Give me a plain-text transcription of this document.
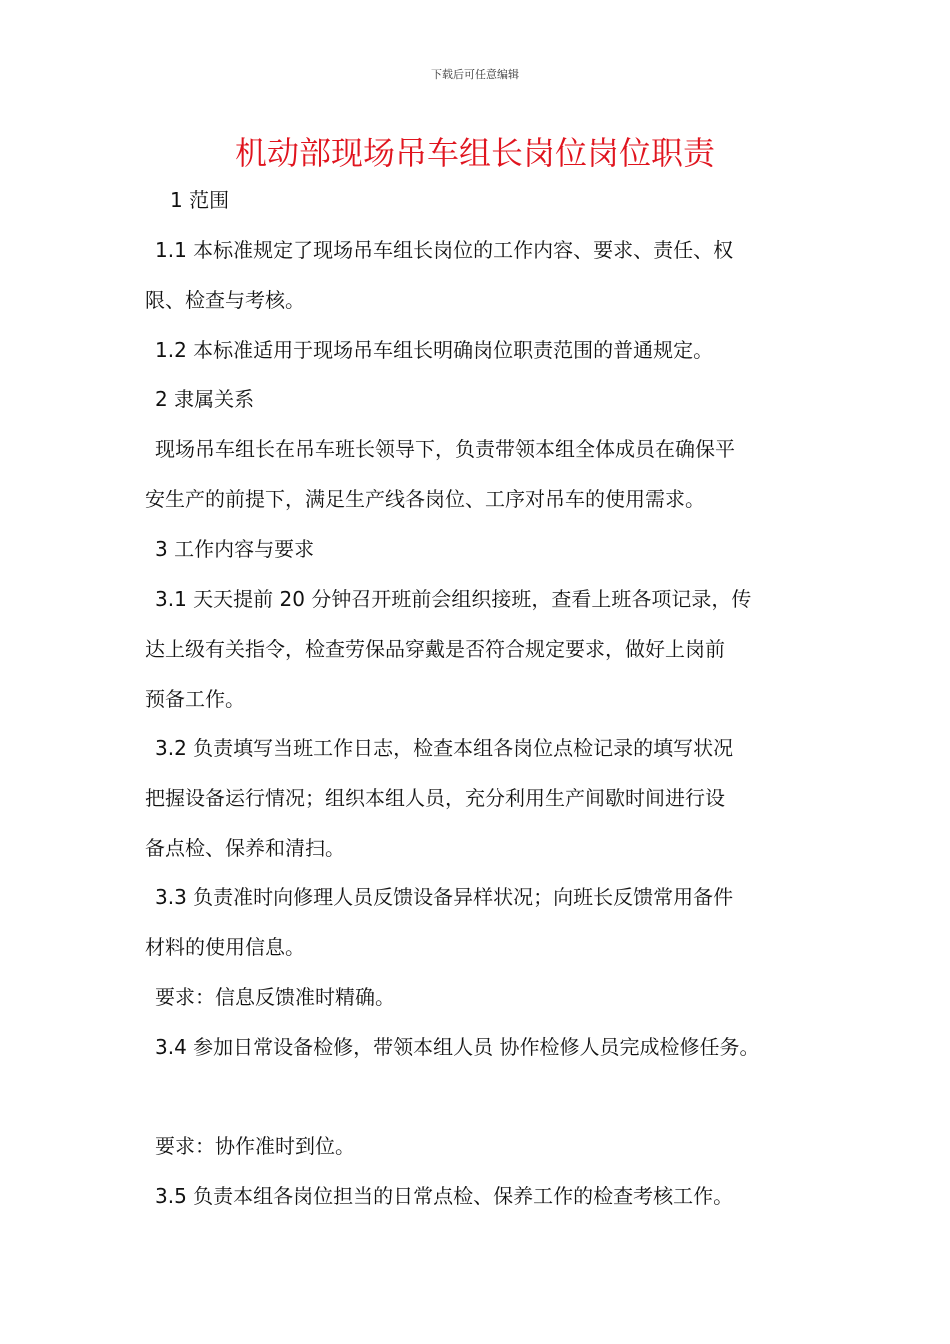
下载后可任意编辑
机动部现场吊车组长岗位岗位职责
1 范围
1.1 本标准规定了现场吊车组长岗位的工作内容、要求、责任、权
限、检查与考核。
1.2 本标准适用于现场吊车组长明确岗位职责范围的普通规定。
2 隶属关系
现场吊车组长在吊车班长领导下，负责带领本组全体成员在确保平
安生产的前提下，满足生产线各岗位、工序对吊车的使用需求。
3 工作内容与要求
3.1 天天提前 20 分钟召开班前会组织接班，查看上班各项记录，传
达上级有关指令，检查劳保品穿戴是否符合规定要求，做好上岗前
预备工作。
3.2 负责填写当班工作日志，检查本组各岗位点检记录的填写状况
把握设备运行情况；组织本组人员，充分利用生产间歇时间进行设
备点检、保养和清扫。
3.3 负责准时向修理人员反馈设备异样状况；向班长反馈常用备件
材料的使用信息。
要求：信息反馈准时精确。
3.4 参加日常设备检修，带领本组人员 协作检修人员完成检修任务。
要求：协作准时到位。
3.5 负责本组各岗位担当的日常点检、保养工作的检查考核工作。
